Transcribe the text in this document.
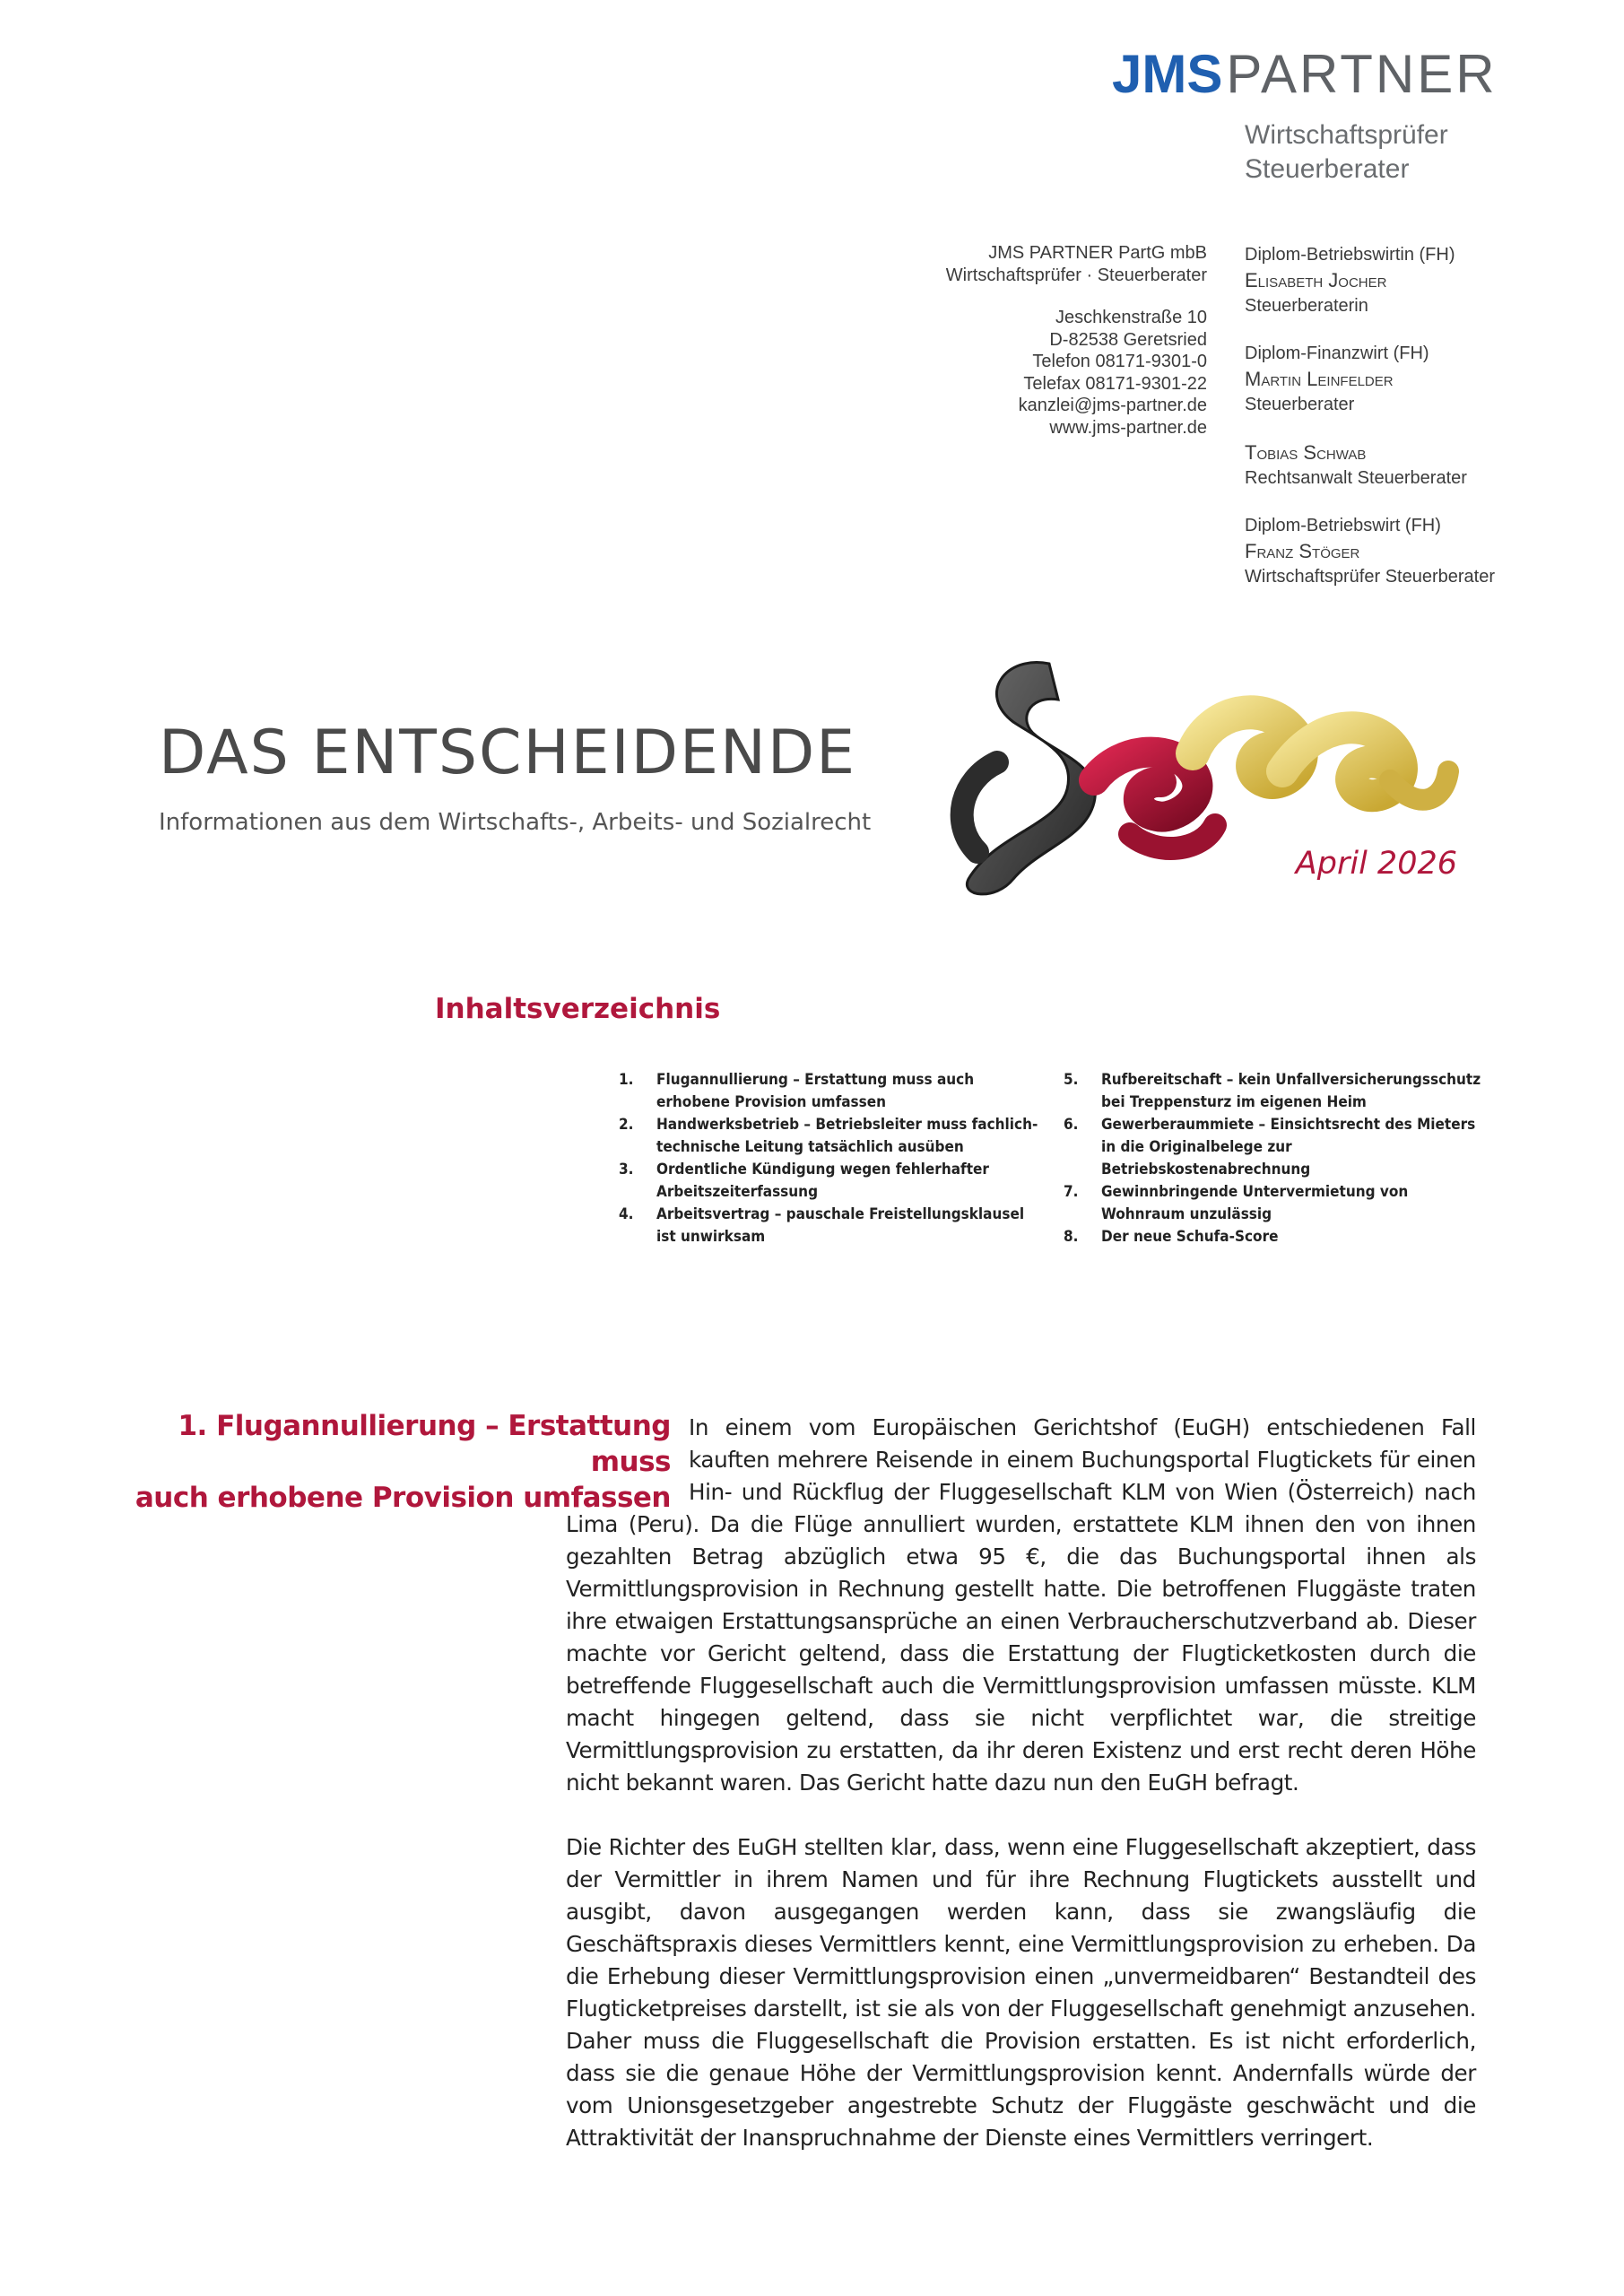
JMSPARTNER
Wirtschaftsprüfer
Steuerberater
JMS PARTNER PartG mbB
Wirtschaftsprüfer · Steuerberater
Jeschkenstraße 10
D-82538 Geretsried
Telefon 08171-9301-0
Telefax 08171-9301-22
kanzlei@jms-partner.de
www.jms-partner.de
Diplom-Betriebswirtin (FH)
Elisabeth Jocher
Steuerberaterin
Diplom-Finanzwirt (FH)
Martin Leinfelder
Steuerberater
Tobias Schwab
Rechtsanwalt Steuerberater
Diplom-Betriebswirt (FH)
Franz Stöger
Wirtschaftsprüfer Steuerberater
DAS ENTSCHEIDENDE
Informationen aus dem Wirtschafts-, Arbeits- und Sozialrecht
April 2026
Inhaltsverzeichnis
1.	Flugannullierung – Erstattung muss auch erhobene Provision umfassen
2.	Handwerksbetrieb – Betriebsleiter muss fachlich-technische Leitung tatsächlich ausüben
3.	Ordentliche Kündigung wegen fehlerhafter Arbeitszeiterfassung
4.	Arbeitsvertrag – pauschale Freistellungsklausel ist unwirksam
5.	Rufbereitschaft – kein Unfallversicherungsschutz bei Treppensturz im eigenen Heim
6.	Gewerberaummiete – Einsichtsrecht des Mieters in die Originalbelege zur Betriebskostenabrechnung
7.	Gewinnbringende Untervermietung von Wohnraum unzulässig
8.	Der neue Schufa-Score
1. Flugannullierung – Erstattung muss
auch erhobene Provision umfassen

In einem vom Europäischen Gerichtshof (EuGH) entschiedenen Fall kauften mehrere Reisende in einem Buchungsportal Flugtickets für einen Hin- und Rückflug der Fluggesellschaft KLM von Wien (Österreich) nach Lima (Peru). Da die Flüge annulliert wurden, erstattete KLM ihnen den von ihnen gezahlten Betrag abzüglich etwa 95 €, die das Buchungsportal ihnen als Vermittlungsprovision in Rechnung gestellt hatte. Die betroffenen Fluggäste traten ihre etwaigen Erstattungsansprüche an einen Verbraucherschutzverband ab. Dieser machte vor Gericht geltend, dass die Erstattung der Flugticketkosten durch die betreffende Fluggesellschaft auch die Vermittlungsprovision umfassen müsste. KLM macht hingegen geltend, dass sie nicht verpflichtet war, die streitige Vermittlungsprovision zu erstatten, da ihr deren Existenz und erst recht deren Höhe nicht bekannt waren. Das Gericht hatte dazu nun den EuGH befragt.

Die Richter des EuGH stellten klar, dass, wenn eine Fluggesellschaft akzeptiert, dass der Vermittler in ihrem Namen und für ihre Rechnung Flugtickets ausstellt und ausgibt, davon ausgegangen werden kann, dass sie zwangsläufig die Geschäftspraxis dieses Vermittlers kennt, eine Vermittlungsprovision zu erheben. Da die Erhebung dieser Vermittlungsprovision einen „unvermeidbaren“ Bestandteil des Flugticketpreises darstellt, ist sie als von der Fluggesellschaft genehmigt anzusehen. Daher muss die Fluggesellschaft die Provision erstatten. Es ist nicht erforderlich, dass sie die genaue Höhe der Vermittlungsprovision kennt. Andernfalls würde der vom Unionsgesetzgeber angestrebte Schutz der Fluggäste geschwächt und die Attraktivität der Inanspruchnahme der Dienste eines Vermittlers verringert.
